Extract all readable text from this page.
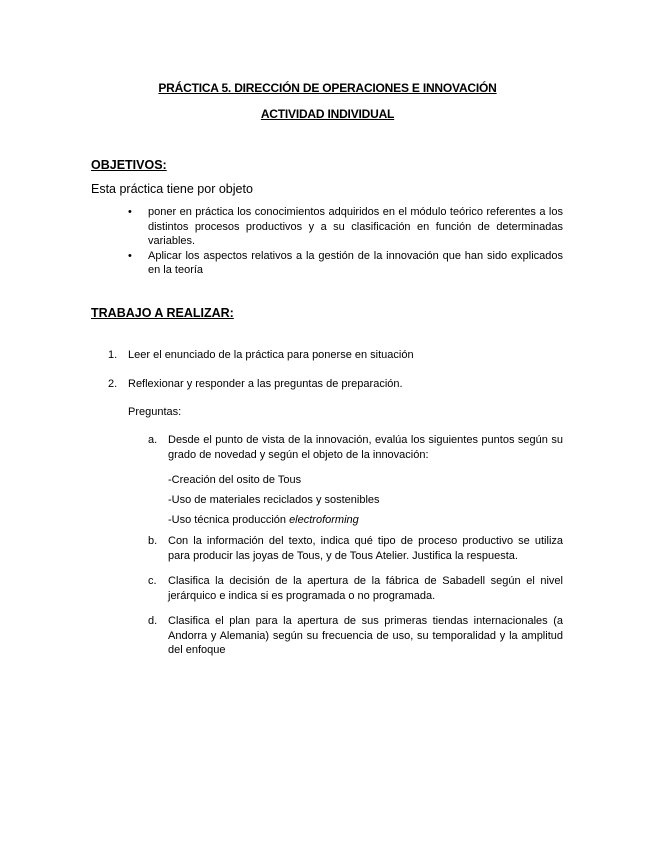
PRÁCTICA 5. DIRECCIÓN DE OPERACIONES E INNOVACIÓN
ACTIVIDAD INDIVIDUAL
OBJETIVOS:
Esta práctica tiene por objeto
• poner en práctica los conocimientos adquiridos en el módulo teórico referentes a los distintos procesos productivos y a su clasificación en función de determinadas variables.
• Aplicar los aspectos relativos a la gestión de la innovación que han sido explicados en la teoría
TRABAJO A REALIZAR:
1. Leer el enunciado de la práctica para ponerse en situación
2. Reflexionar y responder a las preguntas de preparación.
Preguntas:
a. Desde el punto de vista de la innovación, evalúa los siguientes puntos según su grado de novedad y según el objeto de la innovación:
-Creación del osito de Tous
-Uso de materiales reciclados y sostenibles
-Uso técnica producción electroforming
b. Con la información del texto, indica qué tipo de proceso productivo se utiliza para producir las joyas de Tous, y de Tous Atelier. Justifica la respuesta.
c. Clasifica la decisión de la apertura de la fábrica de Sabadell según el nivel jerárquico e indica si es programada o no programada.
d. Clasifica el plan para la apertura de sus primeras tiendas internacionales (a Andorra y Alemania) según su frecuencia de uso, su temporalidad y la amplitud del enfoque
